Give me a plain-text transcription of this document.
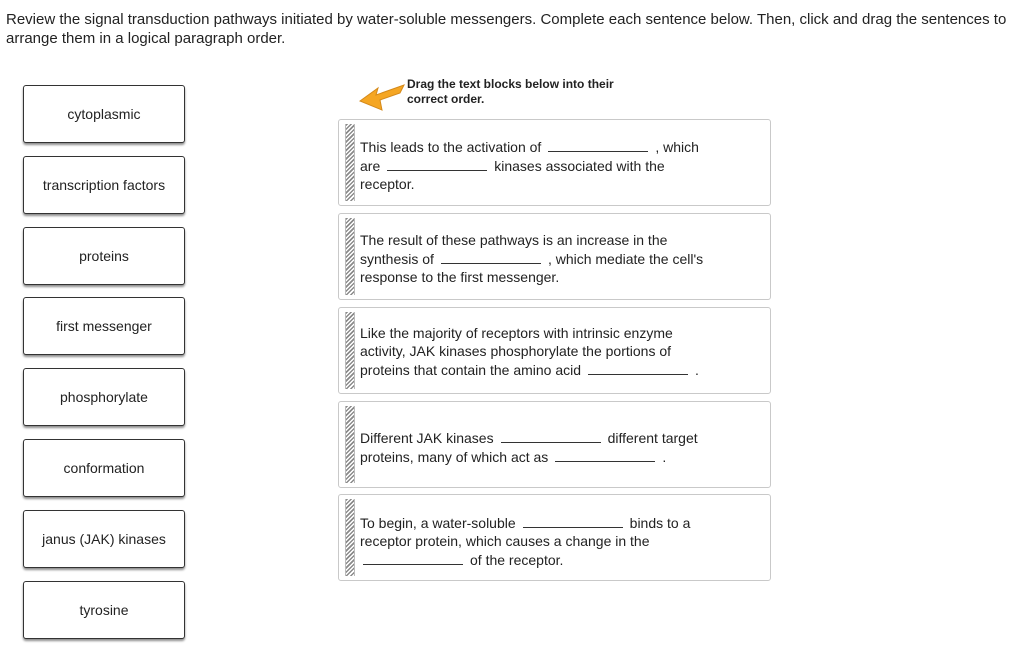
Review the signal transduction pathways initiated by water-soluble messengers. Complete each sentence below. Then, click and drag the sentences to arrange them in a logical paragraph order.

cytoplasmic
transcription factors
proteins
first messenger
phosphorylate
conformation
janus (JAK) kinases
tyrosine
Drag the text blocks below into their correct order.
This leads to the activation of	, which
are	kinases associated with the
receptor.
The result of these pathways is an increase in the
synthesis of	, which mediate the cell's
response to the first messenger.
Like the majority of receptors with intrinsic enzyme
activity, JAK kinases phosphorylate the portions of
proteins that contain the amino acid	.
Different JAK kinases	different target
proteins, many of which act as	.
To begin, a water-soluble	binds to a
receptor protein, which causes a change in the
of the receptor.
